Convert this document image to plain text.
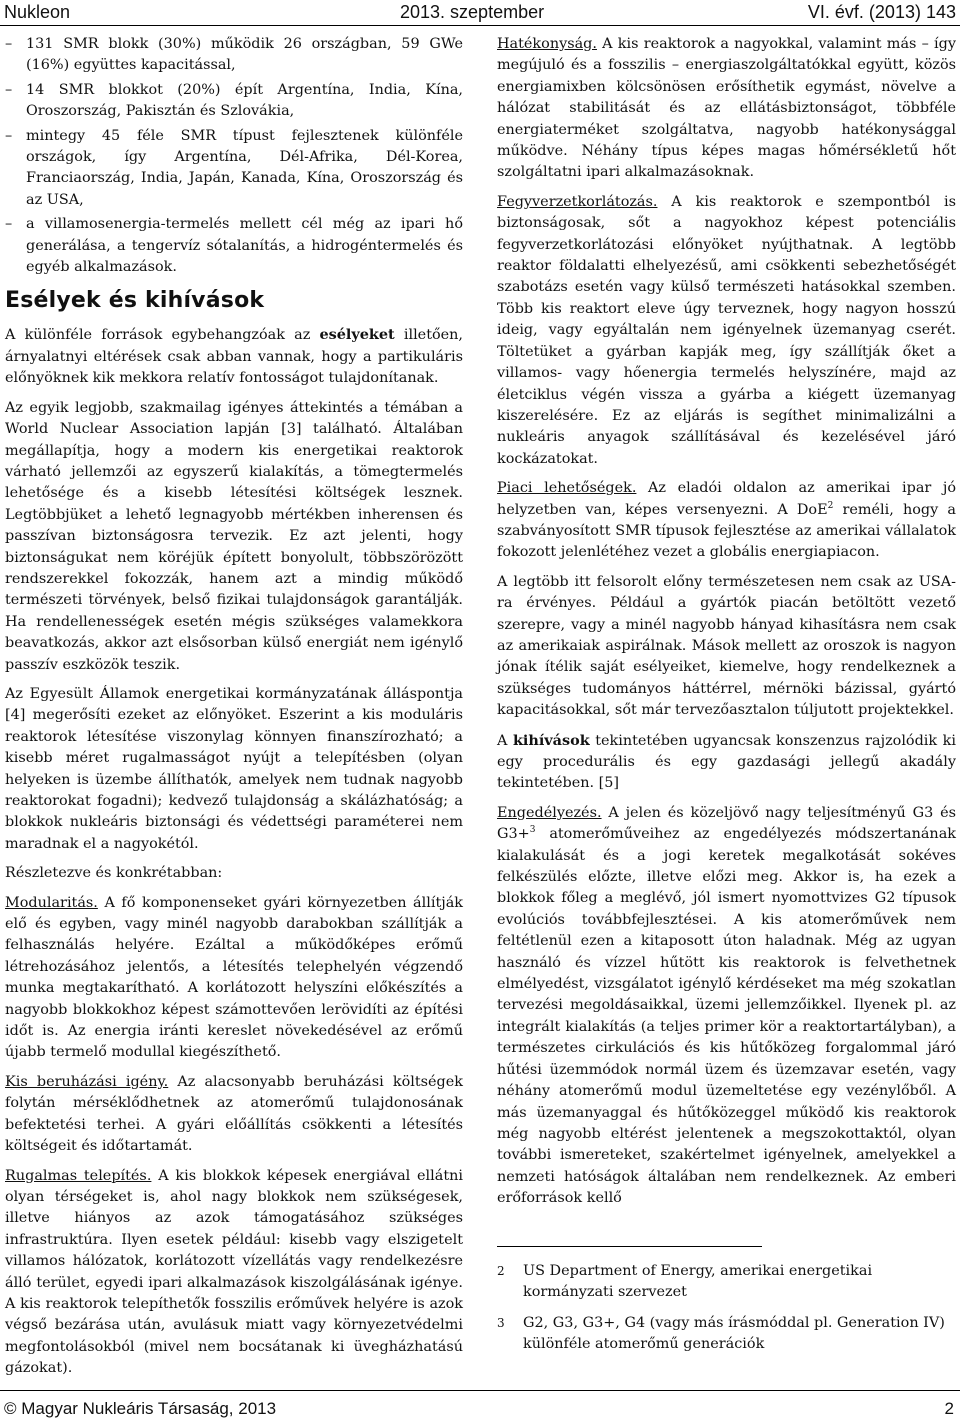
Nukleon	2013. szeptember	VI. évf. (2013) 143
– 131 SMR blokk (30%) működik 26 országban, 59 GWe (16%) együttes kapacitással,
– 14 SMR blokkot (20%) épít Argentína, India, Kína, Oroszország, Pakisztán és Szlovákia,
– mintegy 45 féle SMR típust fejlesztenek különféle országok, így Argentína, Dél-Afrika, Dél-Korea, Franciaország, India, Japán, Kanada, Kína, Oroszország és az USA,
– a villamosenergia-termelés mellett cél még az ipari hő generálása, a tengervíz sótalanítás, a hidrogéntermelés és egyéb alkalmazások.
Esélyek és kihívások

A különféle források egybehangzóak az esélyeket illetően, árnyalatnyi eltérések csak abban vannak, hogy a partikuláris előnyöknek kik mekkora relatív fontosságot tulajdonítanak.

Az egyik legjobb, szakmailag igényes áttekintés a témában a World Nuclear Association lapján [3] található. Általában megállapítja, hogy a modern kis energetikai reaktorok várható jellemzői az egyszerű kialakítás, a tömegtermelés lehetősége és a kisebb létesítési költségek lesznek. Legtöbbjüket a lehető legnagyobb mértékben inherensen és passzívan biztonságosra tervezik. Ez azt jelenti, hogy biztonságukat nem köréjük épített bonyolult, többszörözött rendszerekkel fokozzák, hanem azt a mindig működő természeti törvények, belső fizikai tulajdonságok garantálják. Ha rendellenességek esetén mégis szükséges valamekkora beavatkozás, akkor azt elsősorban külső energiát nem igénylő passzív eszközök teszik.

Az Egyesült Államok energetikai kormányzatának álláspontja [4] megerősíti ezeket az előnyöket. Eszerint a kis moduláris reaktorok létesítése viszonylag könnyen finanszírozható; a kisebb méret rugalmasságot nyújt a telepítésben (olyan helyeken is üzembe állíthatók, amelyek nem tudnak nagyobb reaktorokat fogadni); kedvező tulajdonság a skálázhatóság; a blokkok nukleáris biztonsági és védettségi paraméterei nem maradnak el a nagyokétól.

Részletezve és konkrétabban:

Modularitás. A fő komponenseket gyári környezetben állítják elő és egyben, vagy minél nagyobb darabokban szállítják a felhasználás helyére. Ezáltal a működőképes erőmű létrehozásához jelentős, a létesítés telephelyén végzendő munka megtakarítható. A korlátozott helyszíni előkészítés a nagyobb blokkokhoz képest számottevően lerövidíti az építési időt is. Az energia iránti kereslet növekedésével az erőmű újabb termelő modullal kiegészíthető.

Kis beruházási igény. Az alacsonyabb beruházási költségek folytán mérséklődhetnek az atomerőmű tulajdonosának befektetési terhei. A gyári előállítás csökkenti a létesítés költségeit és időtartamát.

Rugalmas telepítés. A kis blokkok képesek energiával ellátni olyan térségeket is, ahol nagy blokkok nem szükségesek, illetve hiányos az azok támogatásához szükséges infrastruktúra. Ilyen esetek például: kisebb vagy elszigetelt villamos hálózatok, korlátozott vízellátás vagy rendelkezésre álló terület, egyedi ipari alkalmazások kiszolgálásának igénye. A kis reaktorok telepíthetők fosszilis erőművek helyére is azok végső bezárása után, avulásuk miatt vagy környezetvédelmi megfontolásokból (mivel nem bocsátanak ki üvegházhatású gázokat).

Hatékonyság. A kis reaktorok a nagyokkal, valamint más – így megújuló és a fosszilis – energiaszolgáltatókkal együtt, közös energiamixben kölcsönösen erősíthetik egymást, növelve a hálózat stabilitását és az ellátásbiztonságot, többféle energiaterméket szolgáltatva, nagyobb hatékonysággal működve. Néhány típus képes magas hőmérsékletű hőt szolgáltatni ipari alkalmazásoknak.

Fegyverzetkorlátozás. A kis reaktorok e szempontból is biztonságosak, sőt a nagyokhoz képest potenciális fegyverzetkorlátozási előnyöket nyújthatnak. A legtöbb reaktor földalatti elhelyezésű, ami csökkenti sebezhetőségét szabotázs esetén vagy külső természeti hatásokkal szemben. Több kis reaktort eleve úgy terveznek, hogy nagyon hosszú ideig, vagy egyáltalán nem igényelnek üzemanyag cserét. Töltetüket a gyárban kapják meg, így szállítják őket a villamos- vagy hőenergia termelés helyszínére, majd az életciklus végén vissza a gyárba a kiégett üzemanyag kiszerelésére. Ez az eljárás is segíthet minimalizálni a nukleáris anyagok szállításával és kezelésével járó kockázatokat.

Piaci lehetőségek. Az eladói oldalon az amerikai ipar jó helyzetben van, képes versenyezni. A DoE$^2$ reméli, hogy a szabványosított SMR típusok fejlesztése az amerikai vállalatok fokozott jelenlétéhez vezet a globális energiapiacon.

A legtöbb itt felsorolt előny természetesen nem csak az USA-ra érvényes. Például a gyártók piacán betöltött vezető szerepre, vagy a minél nagyobb hányad kihasításra nem csak az amerikaiak aspirálnak. Mások mellett az oroszok is nagyon jónak ítélik saját esélyeiket, kiemelve, hogy rendelkeznek a szükséges tudományos háttérrel, mérnöki bázissal, gyártó kapacitásokkal, sőt már tervezőasztalon túljutott projektekkel.

A kihívások tekintetében ugyancsak konszenzus rajzolódik ki egy procedurális és egy gazdasági jellegű akadály tekintetében. [5]

Engedélyezés. A jelen és közeljövő nagy teljesítményű G3 és G3+$^3$ atomerőműveihez az engedélyezés módszertanának kialakulását és a jogi keretek megalkotását sokéves felkészülés előzte, illetve előzi meg. Akkor is, ha ezek a blokkok főleg a meglévő, jól ismert nyomottvizes G2 típusok evolúciós továbbfejlesztései. A kis atomerőművek nem feltétlenül ezen a kitaposott úton haladnak. Még az ugyan használó és vízzel hűtött kis reaktorok is felvethetnek elmélyedést, vizsgálatot igénylő kérdéseket ma még szokatlan tervezési megoldásaikkal, üzemi jellemzőikkel. Ilyenek pl. az integrált kialakítás (a teljes primer kör a reaktortartályban), a természetes cirkulációs és kis hűtőközeg forgalommal járó hűtési üzemmódok normál üzem és üzemzavar esetén, vagy néhány atomerőmű modul üzemeltetése egy vezénylőből. A más üzemanyaggal és hűtőközeggel működő kis reaktorok még nagyobb eltérést jelentenek a megszokottaktól, olyan további ismereteket, szakértelmet igényelnek, amelyekkel a nemzeti hatóságok általában nem rendelkeznek. Az emberi erőforrások kellő

2 US Department of Energy, amerikai energetikai kormányzati szervezet
3 G2, G3, G3+, G4 (vagy más írásmóddal pl. Generation IV) különféle atomerőmű generációk
© Magyar Nukleáris Társaság, 2013	2
